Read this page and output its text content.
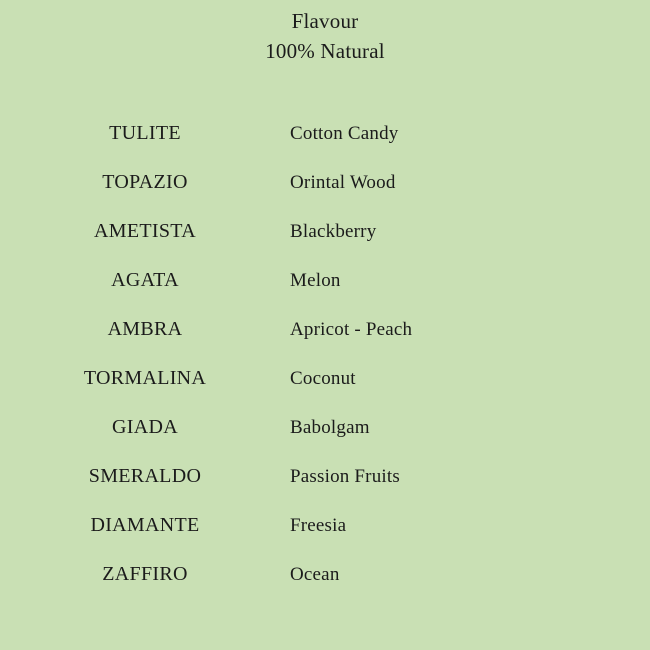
Flavour
100% Natural
TULITE	Cotton Candy
TOPAZIO	Orintal Wood
AMETISTA	Blackberry
AGATA	Melon
AMBRA	Apricot - Peach
TORMALINA	Coconut
GIADA	Babolgam
SMERALDO	Passion Fruits
DIAMANTE	Freesia
ZAFFIRO	Ocean
